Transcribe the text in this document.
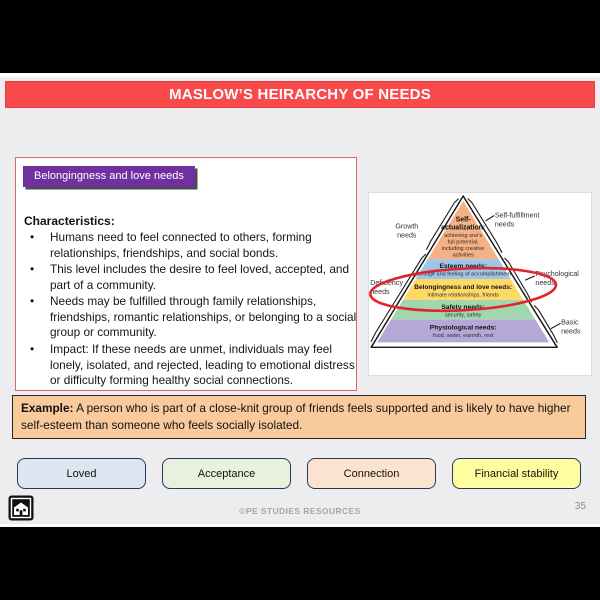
MASLOW’S HEIRARCHY OF NEEDS
Belongingness and love needs
Characteristics:
• Humans need to feel connected to others, forming relationships, friendships, and social bonds.
• This level includes the desire to feel loved, accepted, and part of a community.
• Needs may be fulfilled through family relationships, friendships, romantic relationships, or belonging to a social group or community.
• Impact: If these needs are unmet, individuals may feel lonely, isolated, and rejected, leading to emotional distress or difficulty forming healthy social connections.
Self-
actualization:
achieving one's
full potential,
including creative
activities
Esteem needs:
prestige and feeling of accomplishment
Belongingness and love needs:
intimate relationships, friends
Safety needs:
security, safety
Physiological needs:
food, water, warmth, rest
Growth
needs
Deficiency
needs
Self-fulfillment
needs
Psychological
needs
Basic
needs
Example: A person who is part of a close-knit group of friends feels supported and is likely to have higher self-esteem than someone who feels socially isolated.
Loved	Acceptance	Connection	Financial stability
©PE STUDIES RESOURCES	35
